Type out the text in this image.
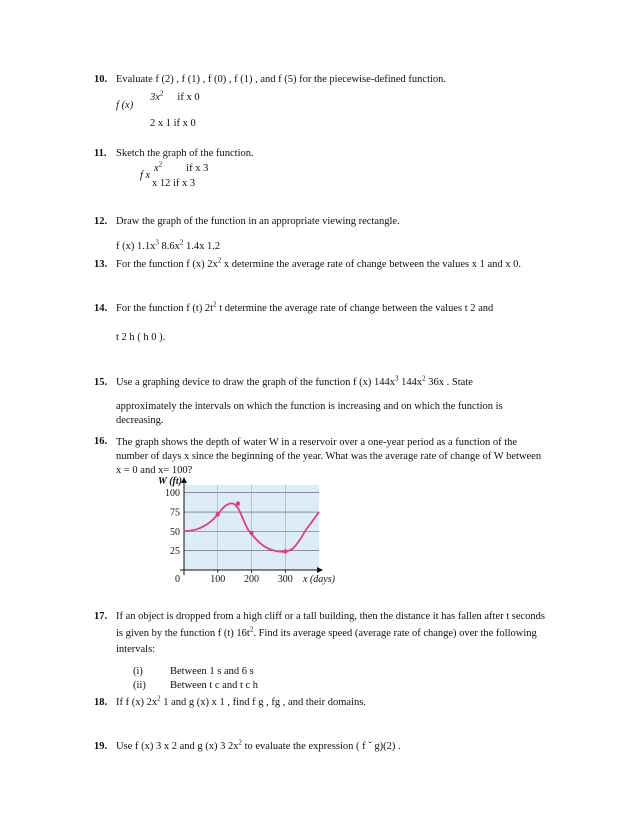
10. Evaluate f (2) , f (1) , f (0) , f (1) , and f (5) for the piecewise-defined function.
$3x^2$ if x 0
f (x)
2 x 1 if x 0
11. Sketch the graph of the function.
$x^2$ if x 3
f x
x 12 if x 3
12. Draw the graph of the function in an appropriate viewing rectangle.
f (x) $1.1x^3$ $8.6x^2$ 1.4x 1.2
13. For the function f (x) $2x^2$ x determine the average rate of change between the values x 1 and x 0.
14. For the function f (t) $2t^2$ t determine the average rate of change between the values t 2 and
t 2 h ( h 0 ).
15. Use a graphing device to draw the graph of the function f (x) $144x^3$ $144x^2$ 36x . State
approximately the intervals on which the function is increasing and on which the function is decreasing.
16. The graph shows the depth of water W in a reservoir over a one-year period as a function of the number of days x since the beginning of the year. What was the average rate of change of W between x = 0 and x= 100?
25
50
75
100
0	100 200 300
W (ft)
x (days)
17. If an object is dropped from a high cliff or a tall building, then the distance it has fallen after t seconds
is given by the function f (t) $16t^2$. Find its average speed (average rate of change) over the following
intervals:
(i)	Between 1 s and 6 s
(ii) Between t c and t c h
18. If f (x) $2x^2$ 1 and g (x) x 1 , find f g , fg , and their domains.
19. Use f (x) 3 x 2 and g (x) 3 $2x^2$ to evaluate the expression ( f ˇ g)(2) .
